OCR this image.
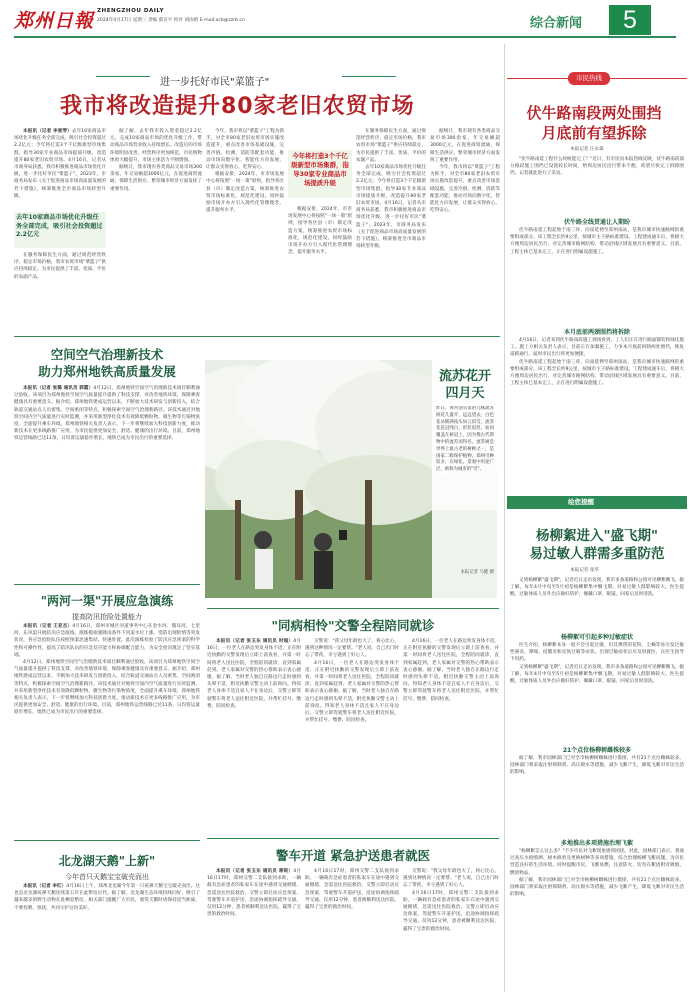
郑州日報 ZHENGZHOU DAILY
2024年4月17日 星期三 责编 蔡宣宇 校对 胡雨晗 E-mail:xcb@zzrb.cn	综合新闻	5
进一步托好市民"菜篮子"
我市将改造提升80家老旧农贸市场

本报讯（记者 李爱琴）去年10家商品市场优化升级任务全部完成，吸引社会投资超过2.2亿元；今年将打造3个千亿级新型市场集群，指导30家专业商品市场提质升级，改造提升80家老旧农贸市场。4月16日，记者从市商务局获悉，我市积极推进商品市场优化升级，进一步托好市民"菜篮子"。2023年，市商务局发布《关于促进商品市场高质量发展的若干措施》，统筹推进全市商品市场转型升级。

去年10家商品市场优化升级任务全部完成，吸引社会投资超过2.2亿元

在服务保障民生方面，通过规范经营秩序、稳定市场价格，我市农贸市场"菜篮子"供应持续稳定，为市民提供了丰富、优质、平价的农副产品。

据了解，去年我市投入资金超过2.2亿元，完成10家商品市场的优化升级工作，带动商品市场营业收入持续增长。改造后的市场环境明显改善，经营秩序更加规范，市民购物体验大幅提升，市场主体活力不断增强。

据统计，我市现有各类商品交易市场300余家，年交易额超3000亿元，在促进商贸流通、保障生活供应、繁荣城市经济方面发挥了重要作用。

今年，我市将以"菜篮子"工程为抓手，对全市80家老旧农贸市场实施改造提升，重点改善市场基础设施，完善冷链、检测、消防等配套功能，推动市场向数字化、智能化方向发展，让群众买得放心、吃得安心。

根据安排，2024年，市市场发展中心将按照"一场一策"原则，指导各区县（市）制定改造方案，统筹推进农贸市场标准化、规范化建设。同时鼓励市场开办方引入现代化管理理念，提升服务水平。

今年将打造3个千亿级新型市场集群，指导30家专业商品市场提质升级

根据安排，2024年，市市场发展中心将按照"一场一策"原则，指导各区县（市）制定改造方案，统筹推进农贸市场标准化、规范化建设。同时鼓励市场开办方引入现代化管理理念，提升服务水平。

在服务保障民生方面，通过规范经营秩序、稳定市场价格，我市农贸市场"菜篮子"供应持续稳定，为市民提供了丰富、优质、平价的农副产品。

去年10家商品市场优化升级任务全部完成，吸引社会投资超过2.2亿元；今年将打造3个千亿级新型市场集群，指导30家专业商品市场提质升级，改造提升80家老旧农贸市场。4月16日，记者从市商务局获悉，我市积极推进商品市场优化升级，进一步托好市民"菜篮子"。2023年，市商务局发布《关于促进商品市场高质量发展的若干措施》，统筹推进全市商品市场转型升级。

据统计，我市现有各类商品交易市场300余家，年交易额超3000亿元，在促进商贸流通、保障生活供应、繁荣城市经济方面发挥了重要作用。

今年，我市将以"菜篮子"工程为抓手，对全市80家老旧农贸市场实施改造提升，重点改善市场基础设施，完善冷链、检测、消防等配套功能，推动市场向数字化、智能化方向发展，让群众买得放心、吃得安心。

空间空气治理新技术
助力郑州地铁高质量发展

本报讯（记者 张璐 通讯员 郭霞）4月12日，郑州地铁空间空气治理新技术项目顺利通过验收。该项目为郑州地铁空间空气质量提升提供了科技支撑，对改善地铁环境、保障乘客健康具有重要意义。据介绍，郑州地铁建成运营以来，不断加大技术研发与创新投入，结合轨道交通站点人员密集、空间密闭等特点，积极探索空间空气治理新路径。该技术通过对地铁空间内空气质量进行实时监测，并采用新型净化技术有效降低颗粒物、微生物等污染物浓度，全面提升乘车环境。郑州地铁相关负责人表示，下一步将继续加大科技创新力度，推动新技术在更多线路推广应用，为市民提供更加安全、舒适、健康的出行环境。目前，郑州地铁运营线路已达11条，日均客运量稳步增长，地铁已成为市民出行的重要选择。

流苏花开
四月天
昨日，黄河迎宾馆的几株流苏树花儿盛开，远远望去，白色花朵铺满枝头如云似雪，流苏花花冠纯白，形状似丝，如同覆盖在树冠上，因为像古代饰物中的流苏而得名。流苏树是世界上最古老的树种之一，是国家二级保护植物，郑州引种较多，在绿化、景观中用途广泛，被称为城市的"雪"。
本报记者 马健 摄
"两河一渠"开展应急演练
提高防汛抢险处置能力

本报讯（记者 王亚杰）4月16日，郑州市城区河道事务中心在金水河、熊耳河、七里河、东风渠开展防汛应急演练。演练模拟强降雨条件下河道水位上涨、堤防出现险情等突发状况，各应急抢险队伍按照预案迅速集结、快速处置。此次演练检验了防汛应急预案的科学性和可操作性，提高了防汛队伍的应急反应能力和协调配合能力，为安全度汛奠定了坚实基础。

4月12日，郑州地铁空间空气治理新技术项目顺利通过验收。该项目为郑州地铁空间空气质量提升提供了科技支撑，对改善地铁环境、保障乘客健康具有重要意义。据介绍，郑州地铁建成运营以来，不断加大技术研发与创新投入，结合轨道交通站点人员密集、空间密闭等特点，积极探索空间空气治理新路径。该技术通过对地铁空间内空气质量进行实时监测，并采用新型净化技术有效降低颗粒物、微生物等污染物浓度，全面提升乘车环境。郑州地铁相关负责人表示，下一步将继续加大科技创新力度，推动新技术在更多线路推广应用，为市民提供更加安全、舒适、健康的出行环境。目前，郑州地铁运营线路已达11条，日均客运量稳步增长，地铁已成为市民出行的重要选择。

北龙湖天鹅"上新"
今年首只天鹅宝宝破壳而出

本报讯（记者 李红）4月16日上午，郑州北龙湖今年第一只疣鼻天鹅宝宝破壳而出。这也是北龙湖疣鼻天鹅连续第五年在此繁衍后代。据了解，北龙湖生态环境持续向好，吸引了越来越多的野生动物在此栖息繁衍。相关部门提醒广大市民，观赏天鹅时请保持适当距离，不要投喂、惊扰，共同守护这份美好。

"同病相怜"交警全程陪同就诊

本报讯（记者 张玉东 通讯员 时超）4月16日，一位老人在路边突发身体不适，正在附近执勤的交警发现后立即上前查看，并第一时间将老人送往医院，全程陪同就诊，直到家属赶到。老人家属对交警的热心帮助表示衷心感谢。据了解，当时老人独自在路边行走时感到头晕不适，附近执勤交警主动上前询问。得知老人身体不适且家人不在身边后，交警立即驾驶警车将老人送往附近医院，并帮忙挂号、缴费、陪同检查。

交警说："我父母年龄也大了，将心比心，遇到这种情况一定要帮。"老人说，自己出门时忘了带药，幸亏遇到了好心人。

4月16日，一位老人在路边突发身体不适，正在附近执勤的交警发现后立即上前查看，并第一时间将老人送往医院，全程陪同就诊，直到家属赶到。老人家属对交警的热心帮助表示衷心感谢。据了解，当时老人独自在路边行走时感到头晕不适，附近执勤交警主动上前询问。得知老人身体不适且家人不在身边后，交警立即驾驶警车将老人送往附近医院，并帮忙挂号、缴费、陪同检查。

4月16日，一位老人在路边突发身体不适，正在附近执勤的交警发现后立即上前查看，并第一时间将老人送往医院，全程陪同就诊，直到家属赶到。老人家属对交警的热心帮助表示衷心感谢。据了解，当时老人独自在路边行走时感到头晕不适，附近执勤交警主动上前询问。得知老人身体不适且家人不在身边后，交警立即驾驶警车将老人送往附近医院，并帮忙挂号、缴费、陪同检查。

警车开道 紧急护送患者就医

本报讯（记者 张玉东 通讯员 蒋锐）4月16日17时，郑州交警二支队接到求助，一辆载有急症患者的私家车在途中遇到交通拥堵，急需送往医院救治。交警立即启动应急预案，驾驶警车开道护送，沿途协调指挥疏导交通。仅用12分钟，患者被顺利送达医院，赢得了宝贵的救治时间。

4月16日17时，郑州交警二支队接到求助，一辆载有急症患者的私家车在途中遇到交通拥堵，急需送往医院救治。交警立即启动应急预案，驾驶警车开道护送，沿途协调指挥疏导交通。仅用12分钟，患者被顺利送达医院，赢得了宝贵的救治时间。

交警说："我父母年龄也大了，将心比心，遇到这种情况一定要帮。"老人说，自己出门时忘了带药，幸亏遇到了好心人。

4月16日17时，郑州交警二支队接到求助，一辆载有急症患者的私家车在途中遇到交通拥堵，急需送往医院救治。交警立即启动应急预案，驾驶警车开道护送，沿途协调指挥疏导交通。仅用12分钟，患者被顺利送达医院，赢得了宝贵的救治时间。

市民热线
伏牛路南段两处围挡
月底前有望拆除
本报记者 汪永森

"伏牛路南延工程什么时候能完工？"近日，有市民向本报热线反映，伏牛路南段部分路段施工围挡已设置较长时间，给周边居民出行带来不便，希望尽快完工拆除围挡。记者就此进行了采访。

伏牛路全线贯通让人期盼

伏牛路南延工程起始于南三环，向南延伸至郑州南站，是我市城市快速路网的重要组成部分。该工程全长约9公里，按城市主干路标准建设。工程建成通车后，将极大方便周边居民出行，对完善城市路网结构、带动沿线区域发展具有重要意义。目前，工程主体已基本完工，正在进行附属设施施工。

本月底前两颈围挡将拆除

4月16日，记者来到伏牛路南段施工现场看到，工人们正在进行路面铺装和绿化施工。施工方相关负责人表示，目前正在加紧施工，力争本月底前拆除两处围挡，恢复道路通行，届时市民出行将更加便捷。

伏牛路南延工程起始于南三环，向南延伸至郑州南站，是我市城市快速路网的重要组成部分。该工程全长约9公里，按城市主干路标准建设。工程建成通车后，将极大方便周边居民出行，对完善城市路网结构、带动沿线区域发展具有重要意义。目前，工程主体已基本完工，正在进行附属设施施工。

绘您提醒
杨柳絮进入"盛飞期"
易过敏人群需多重防范
本报记者 张华

又到杨柳絮"盛飞期"，记者近日走访发现，我市多条道路和公园可见柳絮飘飞。据了解，每年4月中旬至5月初是杨柳絮集中飘飞期，对易过敏人群影响较大。医生提醒，过敏体质人员外出应做好防护，佩戴口罩、眼镜，回家后及时清洗。

杨柳絮可引起多种过敏症状

医生介绍，杨柳絮本身一般不会引起过敏，但其携带的花粉、尘螨等易引发过敏性鼻炎、哮喘、结膜炎和皮肤过敏等症状。出现过敏症状后应及时就医，在医生指导下用药。

又到杨柳絮"盛飞期"，记者近日走访发现，我市多条道路和公园可见柳絮飘飞。据了解，每年4月中旬至5月初是杨柳絮集中飘飞期，对易过敏人群影响较大。医生提醒，过敏体质人员外出应做好防护，佩戴口罩、眼镜，回家后及时清洗。

21个点位杨柳树雌株较多

据了解，我市园林部门已对全市杨柳树雌株进行摸排，共有21个点位雌株较多。园林部门将采取注射抑制剂、高压喷水等措施，减少飞絮产生，降低飞絮对市民生活的影响。

多地推出多项措施治理飞絮

"杨柳絮怎么这么多？"不少市民对飞絮现象感到困扰。对此，园林部门表示，将通过高压水枪喷洒、树木修剪及更换树种等多项措施，综合治理杨柳飞絮问题，为市民营造良好的生活环境。同时提醒市民，飞絮易燃，注意防火，切勿在絮团附近吸烟、燃放物品。

据了解，我市园林部门已对全市杨柳树雌株进行摸排，共有21个点位雌株较多。园林部门将采取注射抑制剂、高压喷水等措施，减少飞絮产生，降低飞絮对市民生活的影响。
